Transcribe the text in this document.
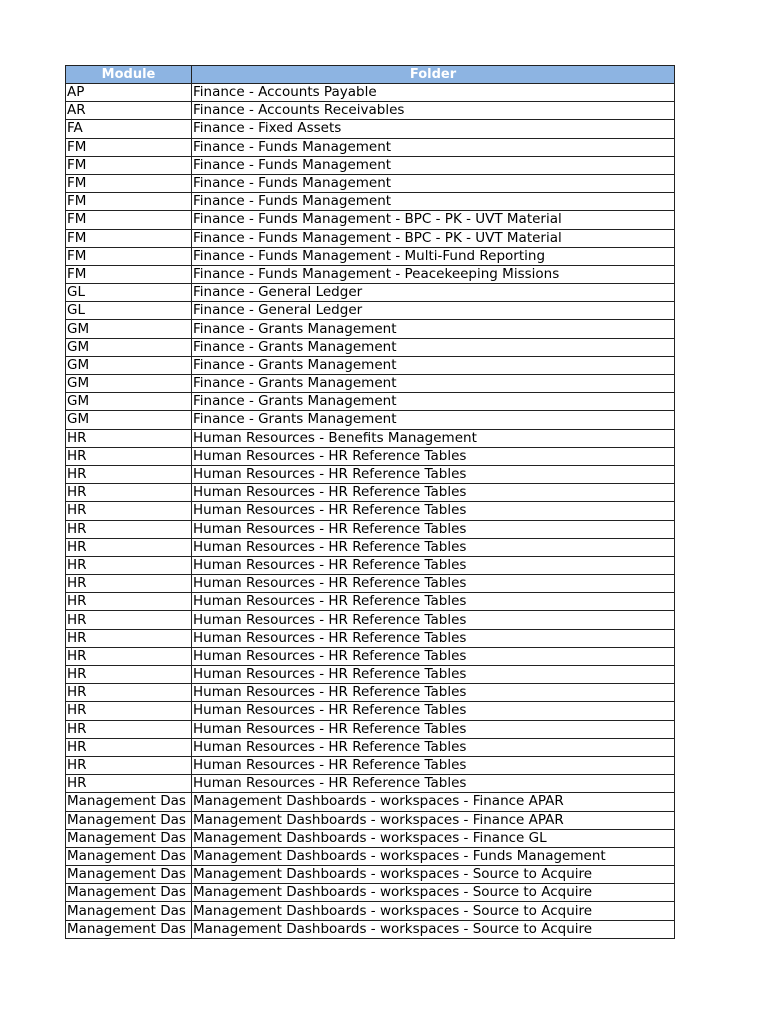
Module	Folder
AP	Finance - Accounts Payable
AR	Finance - Accounts Receivables
FA	Finance - Fixed Assets
FM	Finance - Funds Management
FM	Finance - Funds Management
FM	Finance - Funds Management
FM	Finance - Funds Management
FM	Finance - Funds Management - BPC - PK - UVT Material
FM	Finance - Funds Management - BPC - PK - UVT Material
FM	Finance - Funds Management - Multi-Fund Reporting
FM	Finance - Funds Management - Peacekeeping Missions
GL	Finance - General Ledger
GL	Finance - General Ledger
GM	Finance - Grants Management
GM	Finance - Grants Management
GM	Finance - Grants Management
GM	Finance - Grants Management
GM	Finance - Grants Management
GM	Finance - Grants Management
HR	Human Resources - Benefits Management
HR	Human Resources - HR Reference Tables
HR	Human Resources - HR Reference Tables
HR	Human Resources - HR Reference Tables
HR	Human Resources - HR Reference Tables
HR	Human Resources - HR Reference Tables
HR	Human Resources - HR Reference Tables
HR	Human Resources - HR Reference Tables
HR	Human Resources - HR Reference Tables
HR	Human Resources - HR Reference Tables
HR	Human Resources - HR Reference Tables
HR	Human Resources - HR Reference Tables
HR	Human Resources - HR Reference Tables
HR	Human Resources - HR Reference Tables
HR	Human Resources - HR Reference Tables
HR	Human Resources - HR Reference Tables
HR	Human Resources - HR Reference Tables
HR	Human Resources - HR Reference Tables
HR	Human Resources - HR Reference Tables
HR	Human Resources - HR Reference Tables
Management Das	Management Dashboards - workspaces - Finance APAR
Management Das	Management Dashboards - workspaces - Finance APAR
Management Das	Management Dashboards - workspaces - Finance GL
Management Das	Management Dashboards - workspaces - Funds Management
Management Das	Management Dashboards - workspaces - Source to Acquire
Management Das	Management Dashboards - workspaces - Source to Acquire
Management Das	Management Dashboards - workspaces - Source to Acquire
Management Das	Management Dashboards - workspaces - Source to Acquire
